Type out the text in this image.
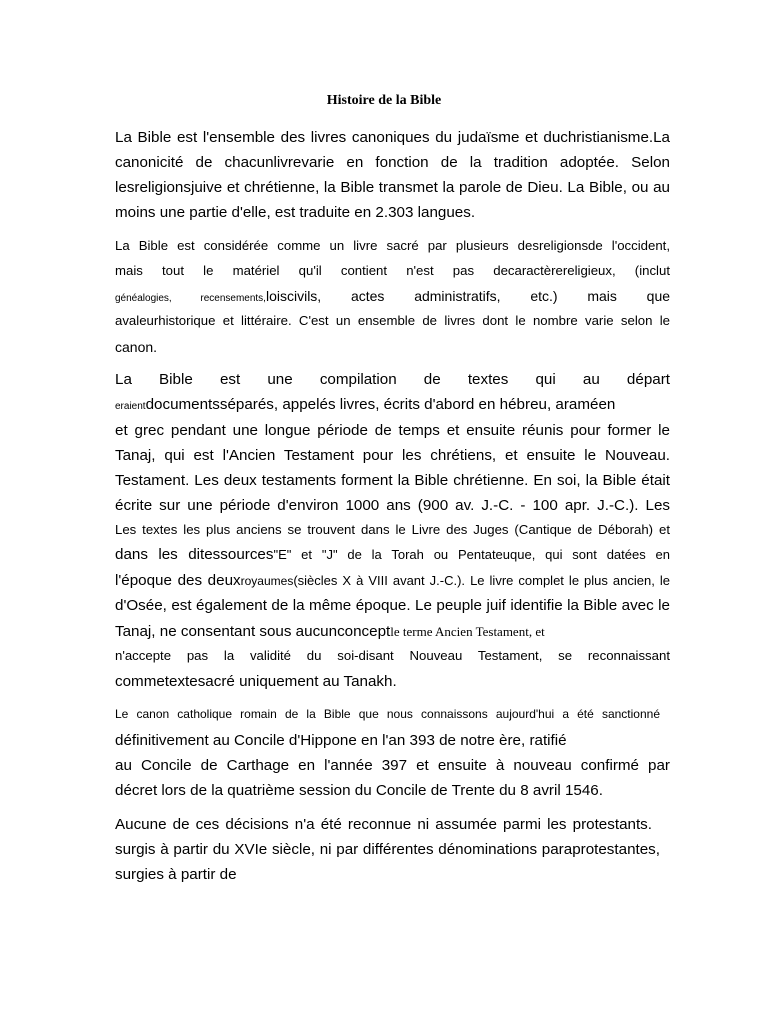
Histoire de la Bible

La Bible est l'ensemble des livres canoniques du judaïsme et duchristianisme.La

canonicité de chacunlivrevarie en fonction de la tradition adoptée. Selon

lesreligionsjuive et chrétienne, la Bible transmet la parole de Dieu. La Bible, ou au

moins une partie d'elle, est traduite en 2.303 langues.

La Bible est considérée comme un livre sacré par plusieurs desreligionsde l'occident,

mais tout le matériel qu'il contient n'est pas decaractèrereligieux, (inclut

généalogies, recensements,loiscivils, actes administratifs, etc.) mais que

avaleurhistorique et littéraire. C'est un ensemble de livres dont le nombre varie selon le

canon.

La Bible est une compilation de textes qui au départ

eraientdocumentsséparés, appelés livres, écrits d'abord en hébreu, araméen

et grec pendant une longue période de temps et ensuite réunis pour former le

Tanaj, qui est l'Ancien Testament pour les chrétiens, et ensuite le Nouveau.

Testament. Les deux testaments forment la Bible chrétienne. En soi, la Bible était

écrite sur une période d'environ 1000 ans (900 av. J.-C. - 100 apr. J.-C.). Les

Les textes les plus anciens se trouvent dans le Livre des Juges (Cantique de Déborah) et

dans les ditessources"E" et "J" de la Torah ou Pentateuque, qui sont datées en

l'époque des deuxroyaumes(siècles X à VIII avant J.-C.). Le livre complet le plus ancien, le

d'Osée, est également de la même époque. Le peuple juif identifie la Bible avec le

Tanaj, ne consentant sous aucunconceptle terme Ancien Testament, et

n'accepte pas la validité du soi-disant Nouveau Testament, se reconnaissant

commetextesacré uniquement au Tanakh.

Le canon catholique romain de la Bible que nous connaissons aujourd'hui a été sanctionné

définitivement au Concile d'Hippone en l'an 393 de notre ère, ratifié

au Concile de Carthage en l'année 397 et ensuite à nouveau confirmé par

décret lors de la quatrième session du Concile de Trente du 8 avril 1546.

Aucune de ces décisions n'a été reconnue ni assumée parmi les protestants.

surgis à partir du XVIe siècle, ni par différentes dénominations paraprotestantes,

surgies à partir de
